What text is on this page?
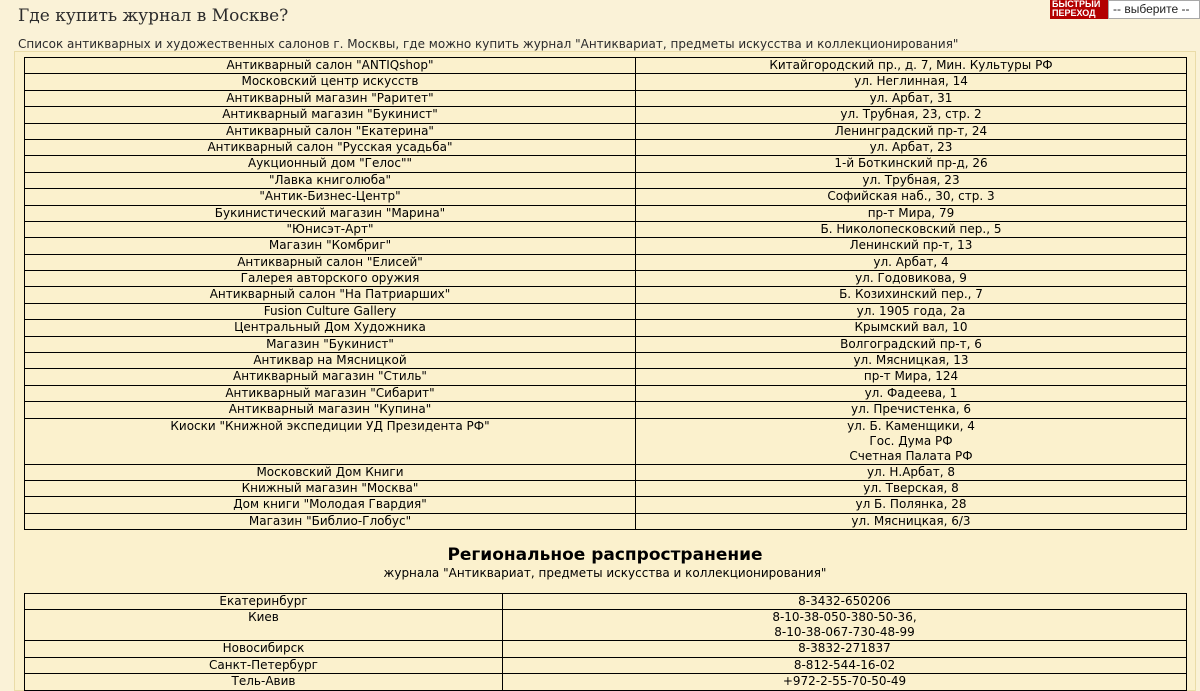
Где купить журнал в Москве?
БЫСТРЫЙ
ПЕРЕХОД	-- выберите --
Список антикварных и художественных салонов г. Москвы, где можно купить журнал "Антиквариат, предметы искусства и коллекционирования"
Антикварный салон "ANTIQshop"	Китайгородский пр., д. 7, Мин. Культуры РФ

Московский центр искусств	ул. Неглинная, 14

Антикварный магазин "Раритет"	ул. Арбат, 31

Антикварный магазин "Букинист"	ул. Трубная, 23, стр. 2

Антикварный салон "Екатерина"	Ленинградский пр-т, 24

Антикварный салон "Русская усадьба"	ул. Арбат, 23

Аукционный дом "Гелос""	1-й Боткинский пр-д, 26

"Лавка книголюба"	ул. Трубная, 23

"Антик-Бизнес-Центр"	Софийская наб., 30, стр. 3

Букинистический магазин "Марина"	пр-т Мира, 79

"Юнисэт-Арт"	Б. Николопесковский пер., 5

Магазин "Комбриг"	Ленинский пр-т, 13

Антикварный салон "Елисей"	ул. Арбат, 4

Галерея авторского оружия	ул. Годовикова, 9

Антикварный салон "На Патриарших"	Б. Козихинский пер., 7

Fusion Culture Gallery	ул. 1905 года, 2а

Центральный Дом Художника	Крымский вал, 10

Магазин "Букинист"	Волгоградский пр-т, 6

Антиквар на Мясницкой	ул. Мясницкая, 13

Антикварный магазин "Стиль"	пр-т Мира, 124

Антикварный магазин "Сибарит"	ул. Фадеева, 1

Антикварный магазин "Купина"	ул. Пречистенка, 6

Киоски "Книжной экспедиции УД Президента РФ"	ул. Б. Каменщики, 4
Гос. Дума РФ
Счетная Палата РФ

Московский Дом Книги	ул. Н.Арбат, 8

Книжный магазин "Москва"	ул. Тверская, 8

Дом книги "Молодая Гвардия"	ул Б. Полянка, 28

Магазин "Библио-Глобус"	ул. Мясницкая, 6/3
Региональное распространение
журнала "Антиквариат, предметы искусства и коллекционирования"
Екатеринбург	8-3432-650206

Киев	8-10-38-050-380-50-36,
8-10-38-067-730-48-99

Новосибирск	8-3832-271837

Санкт-Петербург	8-812-544-16-02

Тель-Авив	+972-2-55-70-50-49
